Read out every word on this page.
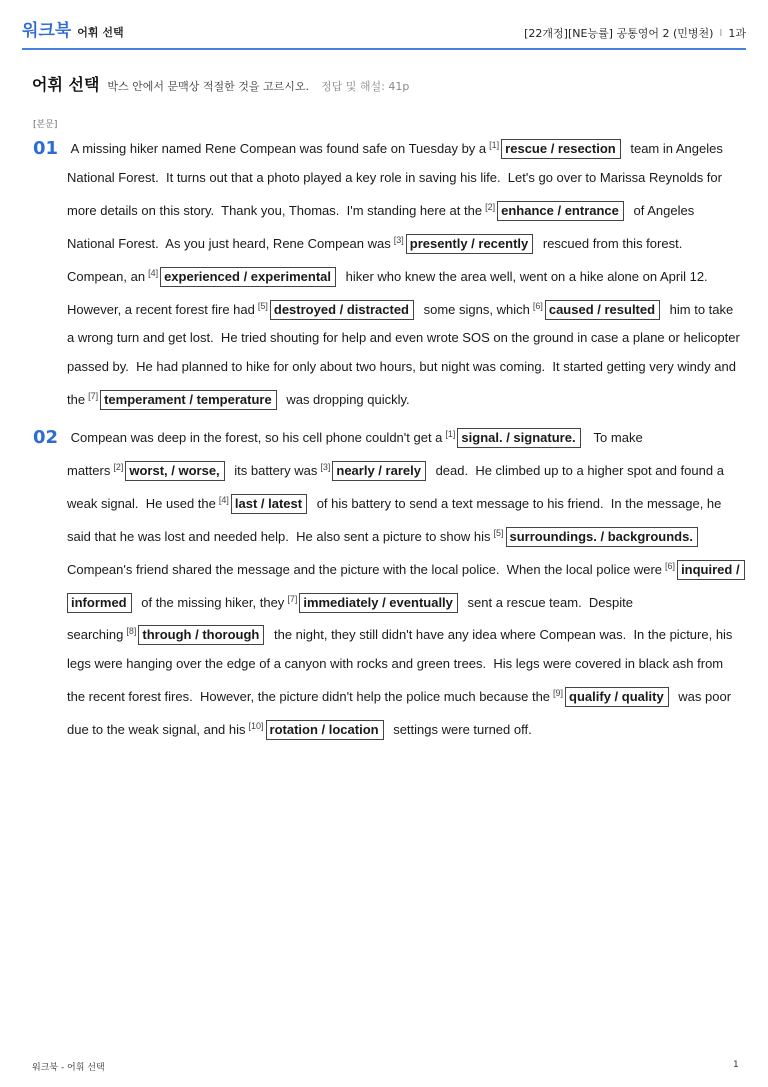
워크북 어휘 선택	[22개정][NE능률] 공통영어 2 (민병천) I 1과
어휘 선택 박스 안에서 문맥상 적절한 것을 고르시오. 정답 및 해설: 41p
[본문]
01 A missing hiker named Rene Compean was found safe on Tuesday by a [1] rescue / resection team in Angeles National Forest.  It turns out that a photo played a key role in saving his life.  Let's go over to Marissa Reynolds for more details on this story.  Thank you, Thomas.  I'm standing here at the [2] enhance / entrance of Angeles National Forest.  As you just heard, Rene Compean was [3] presently / recently rescued from this forest.  Compean, an [4] experienced / experimental hiker who knew the area well, went on a hike alone on April 12.  However, a recent forest fire had [5] destroyed / distracted some signs, which [6] caused / resulted him to take a wrong turn and get lost.  He tried shouting for help and even wrote SOS on the ground in case a plane or helicopter passed by.  He had planned to hike for only about two hours, but night was coming.  It started getting very windy and the [7] temperament / temperature was dropping quickly.
02 Compean was deep in the forest, so his cell phone couldn't get a [1] signal. / signature.  To make matters [2] worst, / worse, its battery was [3] nearly / rarely dead.  He climbed up to a higher spot and found a weak signal.  He used the [4] last / latest of his battery to send a text message to his friend.  In the message, he said that he was lost and needed help.  He also sent a picture to show his [5] surroundings. / backgrounds.  Compean's friend shared the message and the picture with the local police.  When the local police were [6] inquired / informed of the missing hiker, they [7] immediately / eventually sent a rescue team.  Despite searching [8] through / thorough the night, they still didn't have any idea where Compean was.  In the picture, his legs were hanging over the edge of a canyon with rocks and green trees.  His legs were covered in black ash from the recent forest fires.  However, the picture didn't help the police much because the [9] qualify / quality was poor due to the weak signal, and his [10] rotation / location settings were turned off.
워크북 - 어휘 선택	1
